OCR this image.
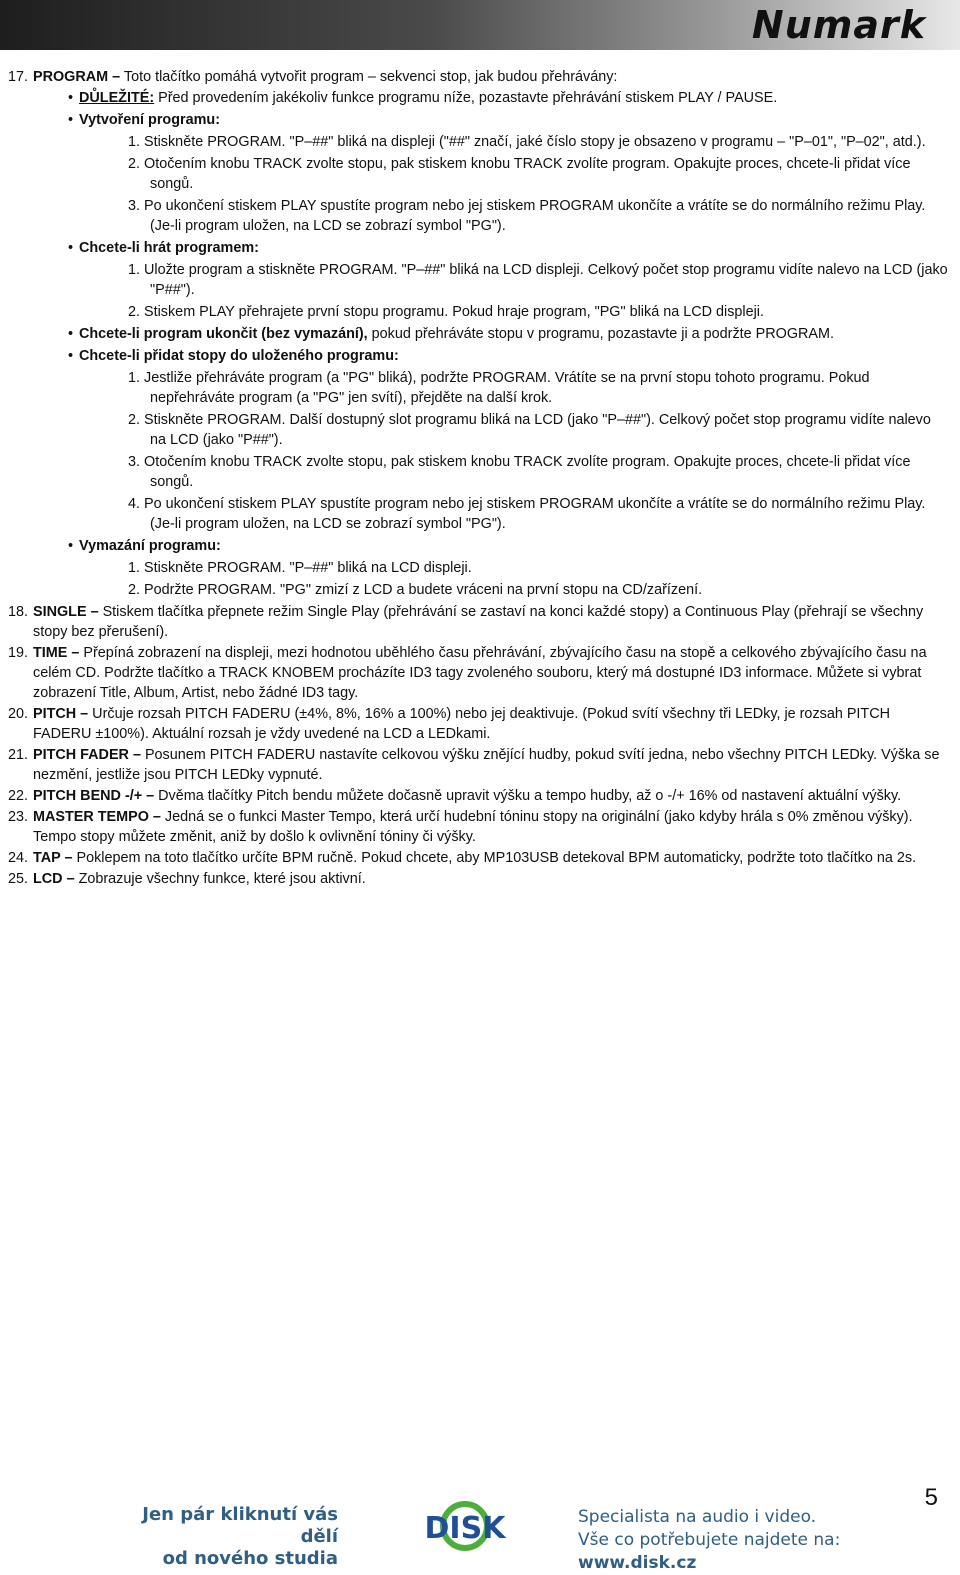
Numark
17. PROGRAM – Toto tlačítko pomáhá vytvořit program – sekvenci stop, jak budou přehrávány:
• DŮLEŽITÉ: Před provedením jakékoliv funkce programu níže, pozastavte přehrávání stiskem PLAY / PAUSE.
• Vytvoření programu:
1. Stiskněte PROGRAM. "P–##" bliká na displeji ("##" značí, jaké číslo stopy je obsazeno v programu – "P–01", "P–02", atd.).
2. Otočením knobu TRACK zvolte stopu, pak stiskem knobu TRACK zvolíte program. Opakujte proces, chcete-li přidat více songů.
3. Po ukončení stiskem PLAY spustíte program nebo jej stiskem PROGRAM ukončíte a vrátíte se do normálního režimu Play. (Je-li program uložen, na LCD se zobrazí symbol "PG").
• Chcete-li hrát programem:
1. Uložte program a stiskněte PROGRAM. "P–##" bliká na LCD displeji. Celkový počet stop programu vidíte nalevo na LCD (jako "P##").
2. Stiskem PLAY přehrajete první stopu programu. Pokud hraje program, "PG" bliká na LCD displeji.
• Chcete-li program ukončit (bez vymazání), pokud přehráváte stopu v programu, pozastavte ji a podržte PROGRAM.
• Chcete-li přidat stopy do uloženého programu:
1. Jestliže přehráváte program (a "PG" bliká), podržte PROGRAM. Vrátíte se na první stopu tohoto programu. Pokud nepřehráváte program (a "PG" jen svítí), přejděte na další krok.
2. Stiskněte PROGRAM. Další dostupný slot programu bliká na LCD (jako "P–##"). Celkový počet stop programu vidíte nalevo na LCD (jako "P##").
3. Otočením knobu TRACK zvolte stopu, pak stiskem knobu TRACK zvolíte program. Opakujte proces, chcete-li přidat více songů.
4. Po ukončení stiskem PLAY spustíte program nebo jej stiskem PROGRAM ukončíte a vrátíte se do normálního režimu Play. (Je-li program uložen, na LCD se zobrazí symbol "PG").
• Vymazání programu:
1. Stiskněte PROGRAM. "P–##" bliká na LCD displeji.
2. Podržte PROGRAM. "PG" zmizí z LCD a budete vráceni na první stopu na CD/zařízení.
18. SINGLE – Stiskem tlačítka přepnete režim Single Play (přehrávání se zastaví na konci každé stopy) a Continuous Play (přehrají se všechny stopy bez přerušení).
19. TIME – Přepíná zobrazení na displeji, mezi hodnotou uběhlého času přehrávání, zbývajícího času na stopě a celkového zbývajícího času na celém CD. Podržte tlačítko a TRACK KNOBEM procházíte ID3 tagy zvoleného souboru, který má dostupné ID3 informace. Můžete si vybrat zobrazení Title, Album, Artist, nebo žádné ID3 tagy.
20. PITCH – Určuje rozsah PITCH FADERU (±4%, 8%, 16% a 100%) nebo jej deaktivuje. (Pokud svítí všechny tři LEDky, je rozsah PITCH FADERU ±100%). Aktuální rozsah je vždy uvedené na LCD a LEDkami.
21. PITCH FADER – Posunem PITCH FADERU nastavíte celkovou výšku znějící hudby, pokud svítí jedna, nebo všechny PITCH LEDky. Výška se nezmění, jestliže jsou PITCH LEDky vypnuté.
22. PITCH BEND -/+ – Dvěma tlačítky Pitch bendu můžete dočasně upravit výšku a tempo hudby, až o -/+ 16% od nastavení aktuální výšky.
23. MASTER TEMPO – Jedná se o funkci Master Tempo, která určí hudební tóninu stopy na originální (jako kdyby hrála s 0% změnou výšky). Tempo stopy můžete změnit, aniž by došlo k ovlivnění tóniny či výšky.
24. TAP – Poklepem na toto tlačítko určíte BPM ručně. Pokud chcete, aby MP103USB detekoval BPM automaticky, podržte toto tlačítko na 2s.
25. LCD – Zobrazuje všechny funkce, které jsou aktivní.
Jen pár kliknutí vás dělí
od nového studia
DISK	Specialista na audio i video.
Vše co potřebujete najdete na: www.disk.cz
5
